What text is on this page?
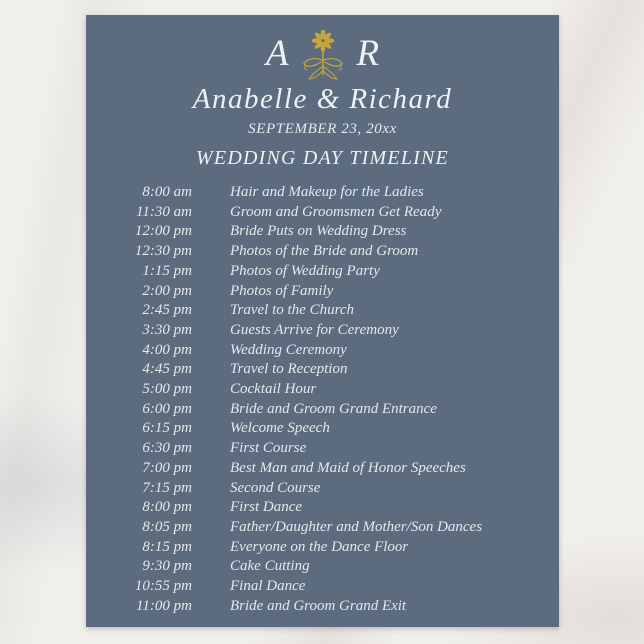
A R
Anabelle & Richard
SEPTEMBER 23, 20xx
WEDDING DAY TIMELINE
8:00 am	Hair and Makeup for the Ladies
11:30 am	Groom and Groomsmen Get Ready
12:00 pm	Bride Puts on Wedding Dress
12:30 pm	Photos of the Bride and Groom
1:15 pm	Photos of Wedding Party
2:00 pm	Photos of Family
2:45 pm	Travel to the Church
3:30 pm	Guests Arrive for Ceremony
4:00 pm	Wedding Ceremony
4:45 pm	Travel to Reception
5:00 pm	Cocktail Hour
6:00 pm	Bride and Groom Grand Entrance
6:15 pm	Welcome Speech
6:30 pm	First Course
7:00 pm	Best Man and Maid of Honor Speeches
7:15 pm	Second Course
8:00 pm	First Dance
8:05 pm	Father/Daughter and Mother/Son Dances
8:15 pm	Everyone on the Dance Floor
9:30 pm	Cake Cutting
10:55 pm	Final Dance
11:00 pm	Bride and Groom Grand Exit
